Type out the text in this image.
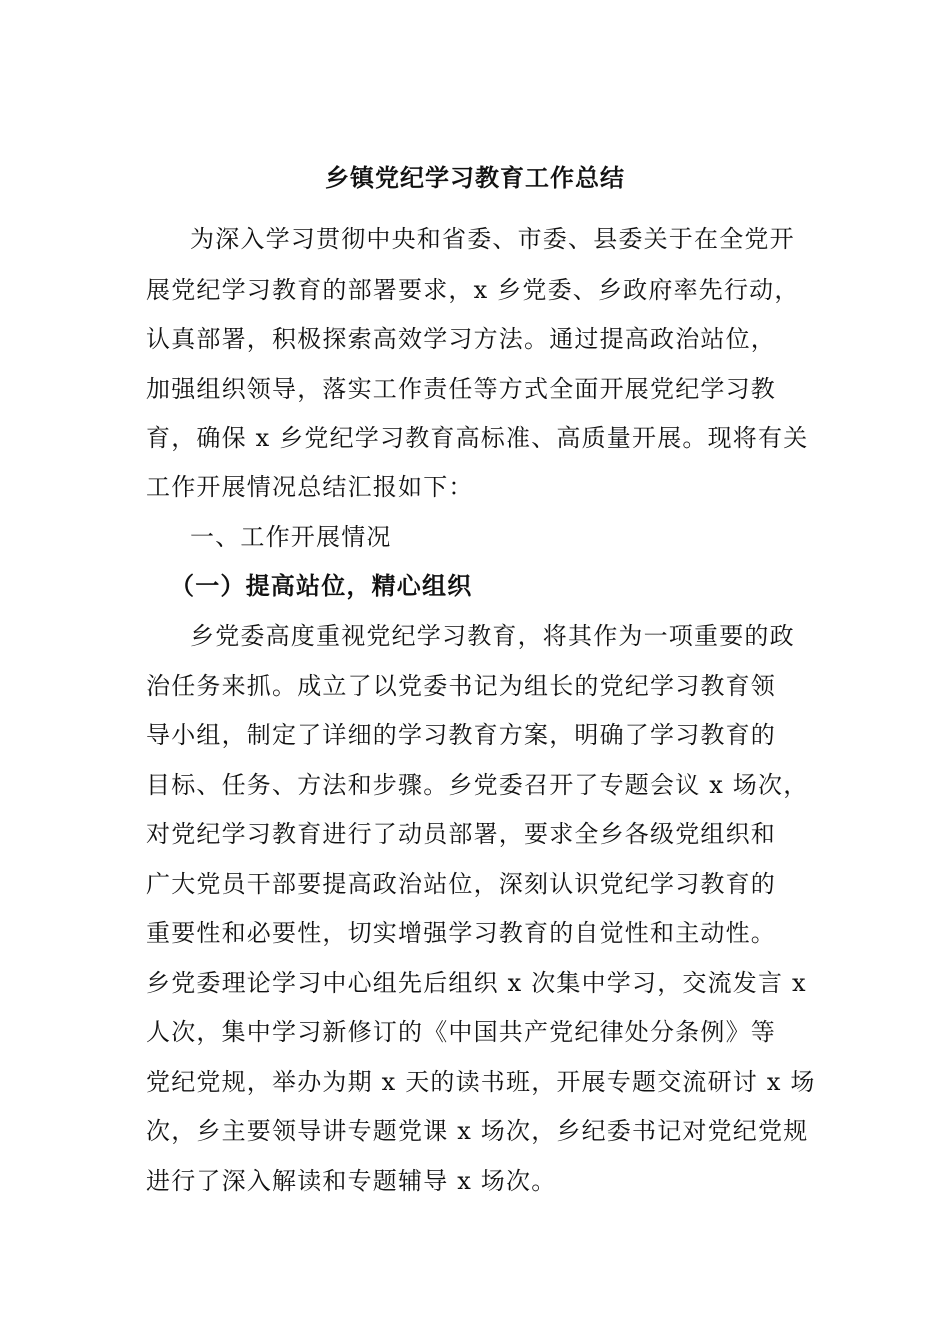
乡镇党纪学习教育工作总结
为深入学习贯彻中央和省委、市委、县委关于在全党开
展党纪学习教育的部署要求，x 乡党委、乡政府率先行动，
认真部署，积极探索高效学习方法。通过提高政治站位，
加强组织领导，落实工作责任等方式全面开展党纪学习教
育，确保 x 乡党纪学习教育高标准、高质量开展。现将有关
工作开展情况总结汇报如下：
一、工作开展情况
（一）提高站位，精心组织
乡党委高度重视党纪学习教育，将其作为一项重要的政
治任务来抓。成立了以党委书记为组长的党纪学习教育领
导小组，制定了详细的学习教育方案，明确了学习教育的
目标、任务、方法和步骤。乡党委召开了专题会议 x 场次，
对党纪学习教育进行了动员部署，要求全乡各级党组织和
广大党员干部要提高政治站位，深刻认识党纪学习教育的
重要性和必要性，切实增强学习教育的自觉性和主动性。
乡党委理论学习中心组先后组织 x 次集中学习，交流发言 x
人次，集中学习新修订的《中国共产党纪律处分条例》等
党纪党规，举办为期 x 天的读书班，开展专题交流研讨 x 场
次，乡主要领导讲专题党课 x 场次，乡纪委书记对党纪党规
进行了深入解读和专题辅导 x 场次。
